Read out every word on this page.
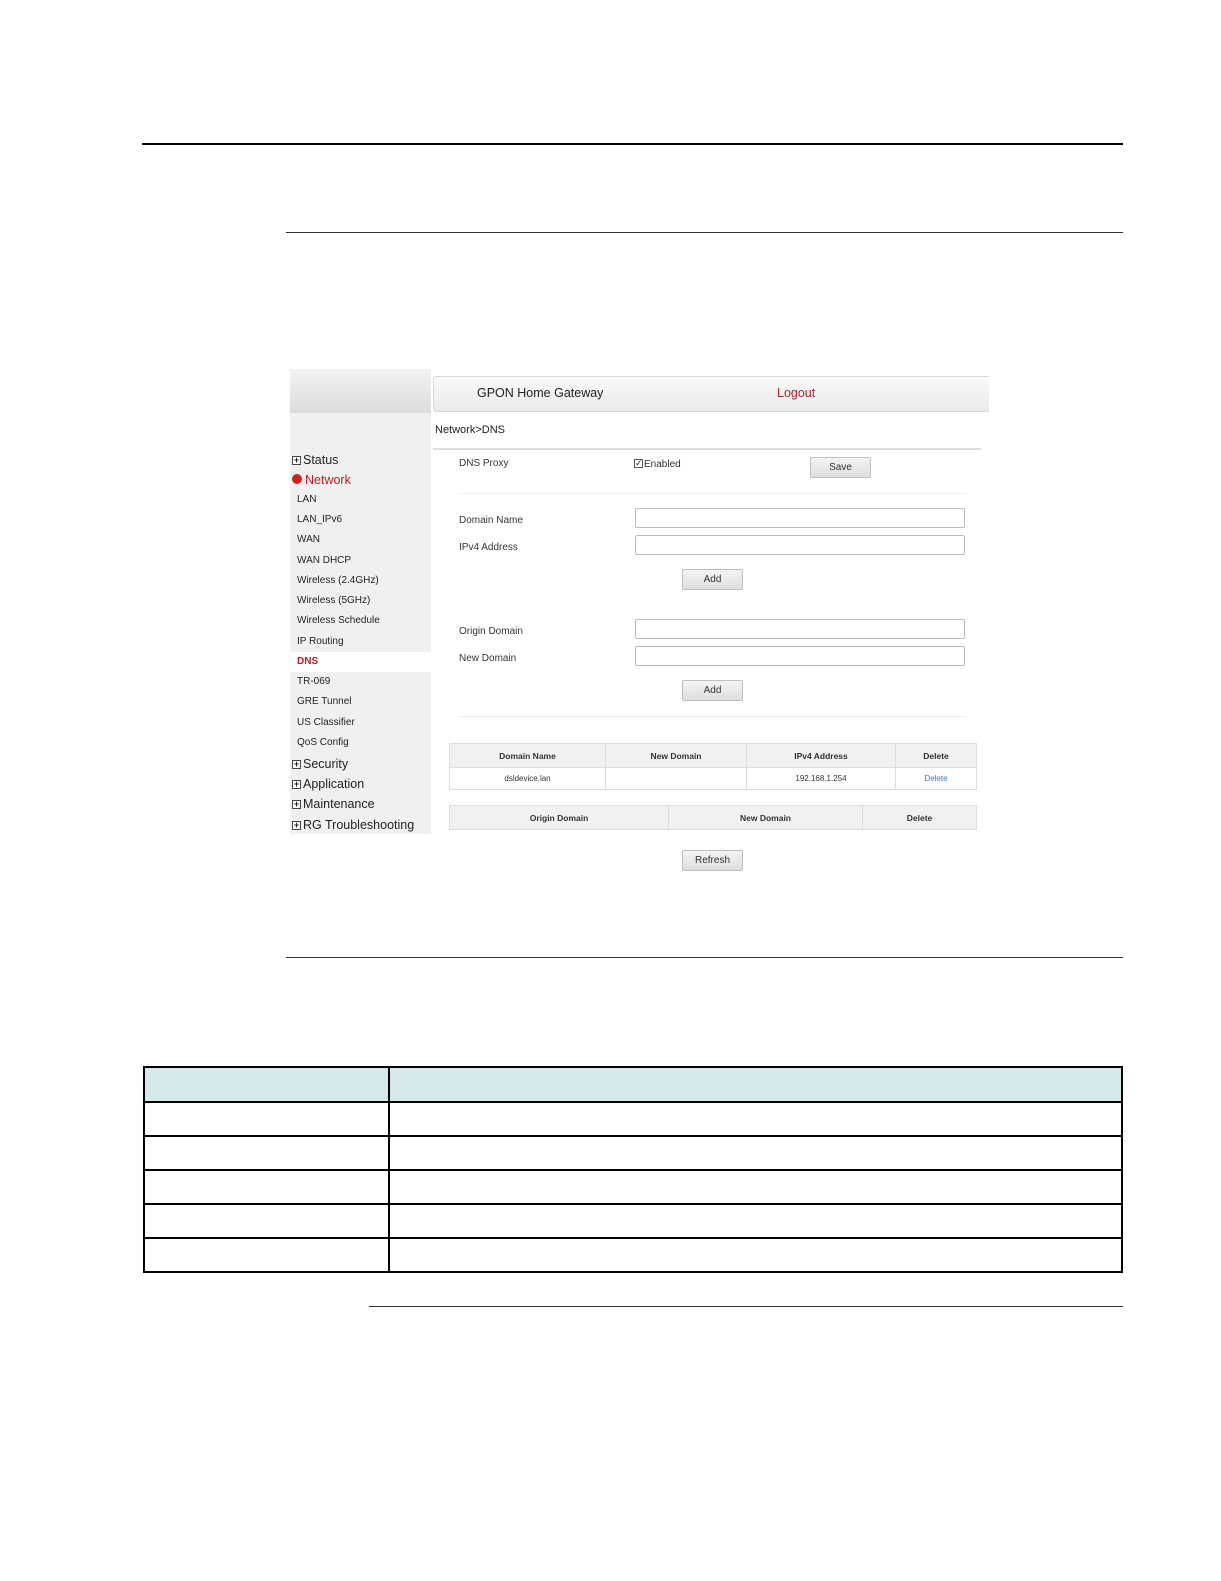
+ Status
Network
LAN
LAN_IPv6
WAN
WAN DHCP
Wireless (2.4GHz)
Wireless (5GHz)
Wireless Schedule
IP Routing
DNS
TR-069
GRE Tunnel
US Classifier
QoS Config
+ Security
+ Application
+ Maintenance
+ RG Troubleshooting
GPON Home Gateway	Logout
Network>DNS
DNS Proxy	✓ Enabled	Save
Domain Name
IPv4 Address
Add
Origin Domain
New Domain
Add
Domain Name	New Domain	IPv4 Address	Delete
dsldevice.lan		192.168.1.254	Delete
Origin Domain	New Domain	Delete
Refresh
